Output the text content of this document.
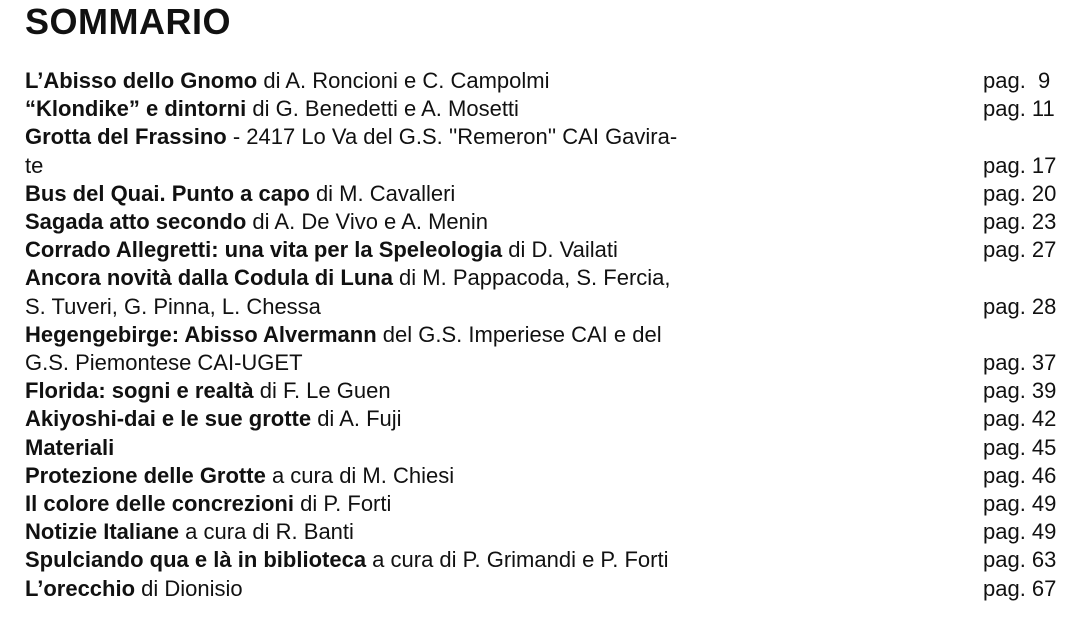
SOMMARIO
L’Abisso dello Gnomo di A. Roncioni e C. Campolmi	pag.  9
“Klondike” e dintorni di G. Benedetti e A. Mosetti	pag. 11
Grotta del Frassino - 2417 Lo Va del G.S. ''Remeron'' CAI Gavira-
te	pag. 17
Bus del Quai. Punto a capo di M. Cavalleri	pag. 20
Sagada atto secondo di A. De Vivo e A. Menin	pag. 23
Corrado Allegretti: una vita per la Speleologia di D. Vailati	pag. 27
Ancora novità dalla Codula di Luna di M. Pappacoda, S. Fercia,
S. Tuveri, G. Pinna, L. Chessa	pag. 28
Hegengebirge: Abisso Alvermann del G.S. Imperiese CAI e del
G.S. Piemontese CAI-UGET	pag. 37
Florida: sogni e realtà di F. Le Guen	pag. 39
Akiyoshi-dai e le sue grotte di A. Fuji	pag. 42
Materiali	pag. 45
Protezione delle Grotte a cura di M. Chiesi	pag. 46
Il colore delle concrezioni di P. Forti	pag. 49
Notizie Italiane a cura di R. Banti	pag. 49
Spulciando qua e là in biblioteca a cura di P. Grimandi e P. Forti	pag. 63
L’orecchio di Dionisio	pag. 67
